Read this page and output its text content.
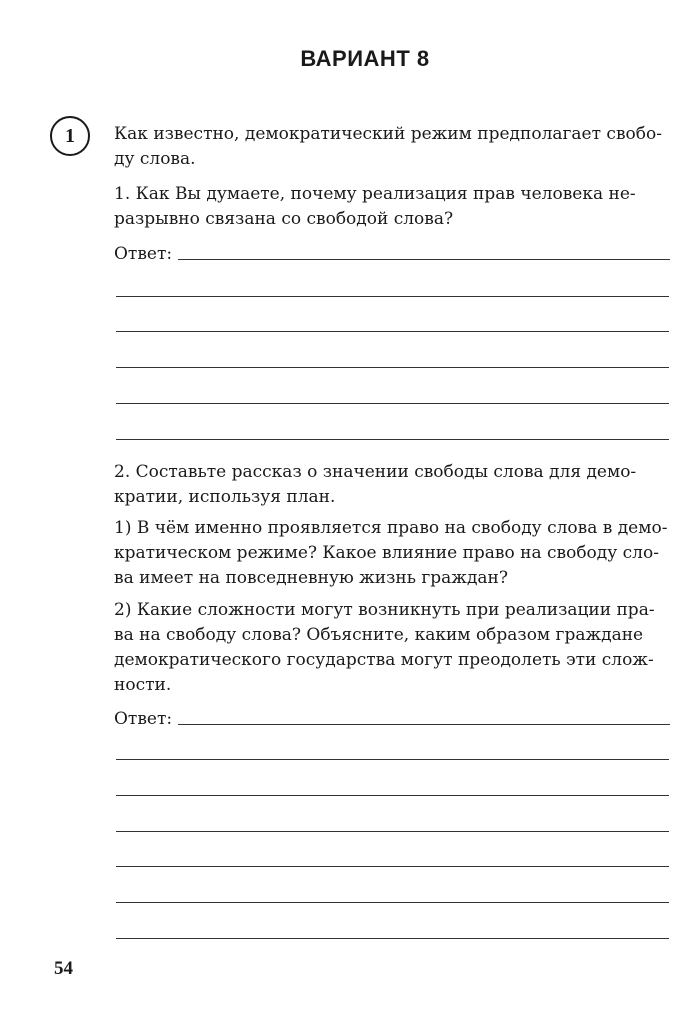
ВАРИАНТ 8
1 Как известно, демократический режим предполагает свобо-
ду слова.

1. Как Вы думаете, почему реализация прав человека не-
разрывно связана со свободой слова?

Ответ:

2. Составьте рассказ о значении свободы слова для демо-
кратии, используя план.

1) В чём именно проявляется право на свободу слова в демо-
кратическом режиме? Какое влияние право на свободу сло-
ва имеет на повседневную жизнь граждан?

2) Какие сложности могут возникнуть при реализации пра-
ва на свободу слова? Объясните, каким образом граждане
демократического государства могут преодолеть эти слож-
ности.

Ответ:
54
